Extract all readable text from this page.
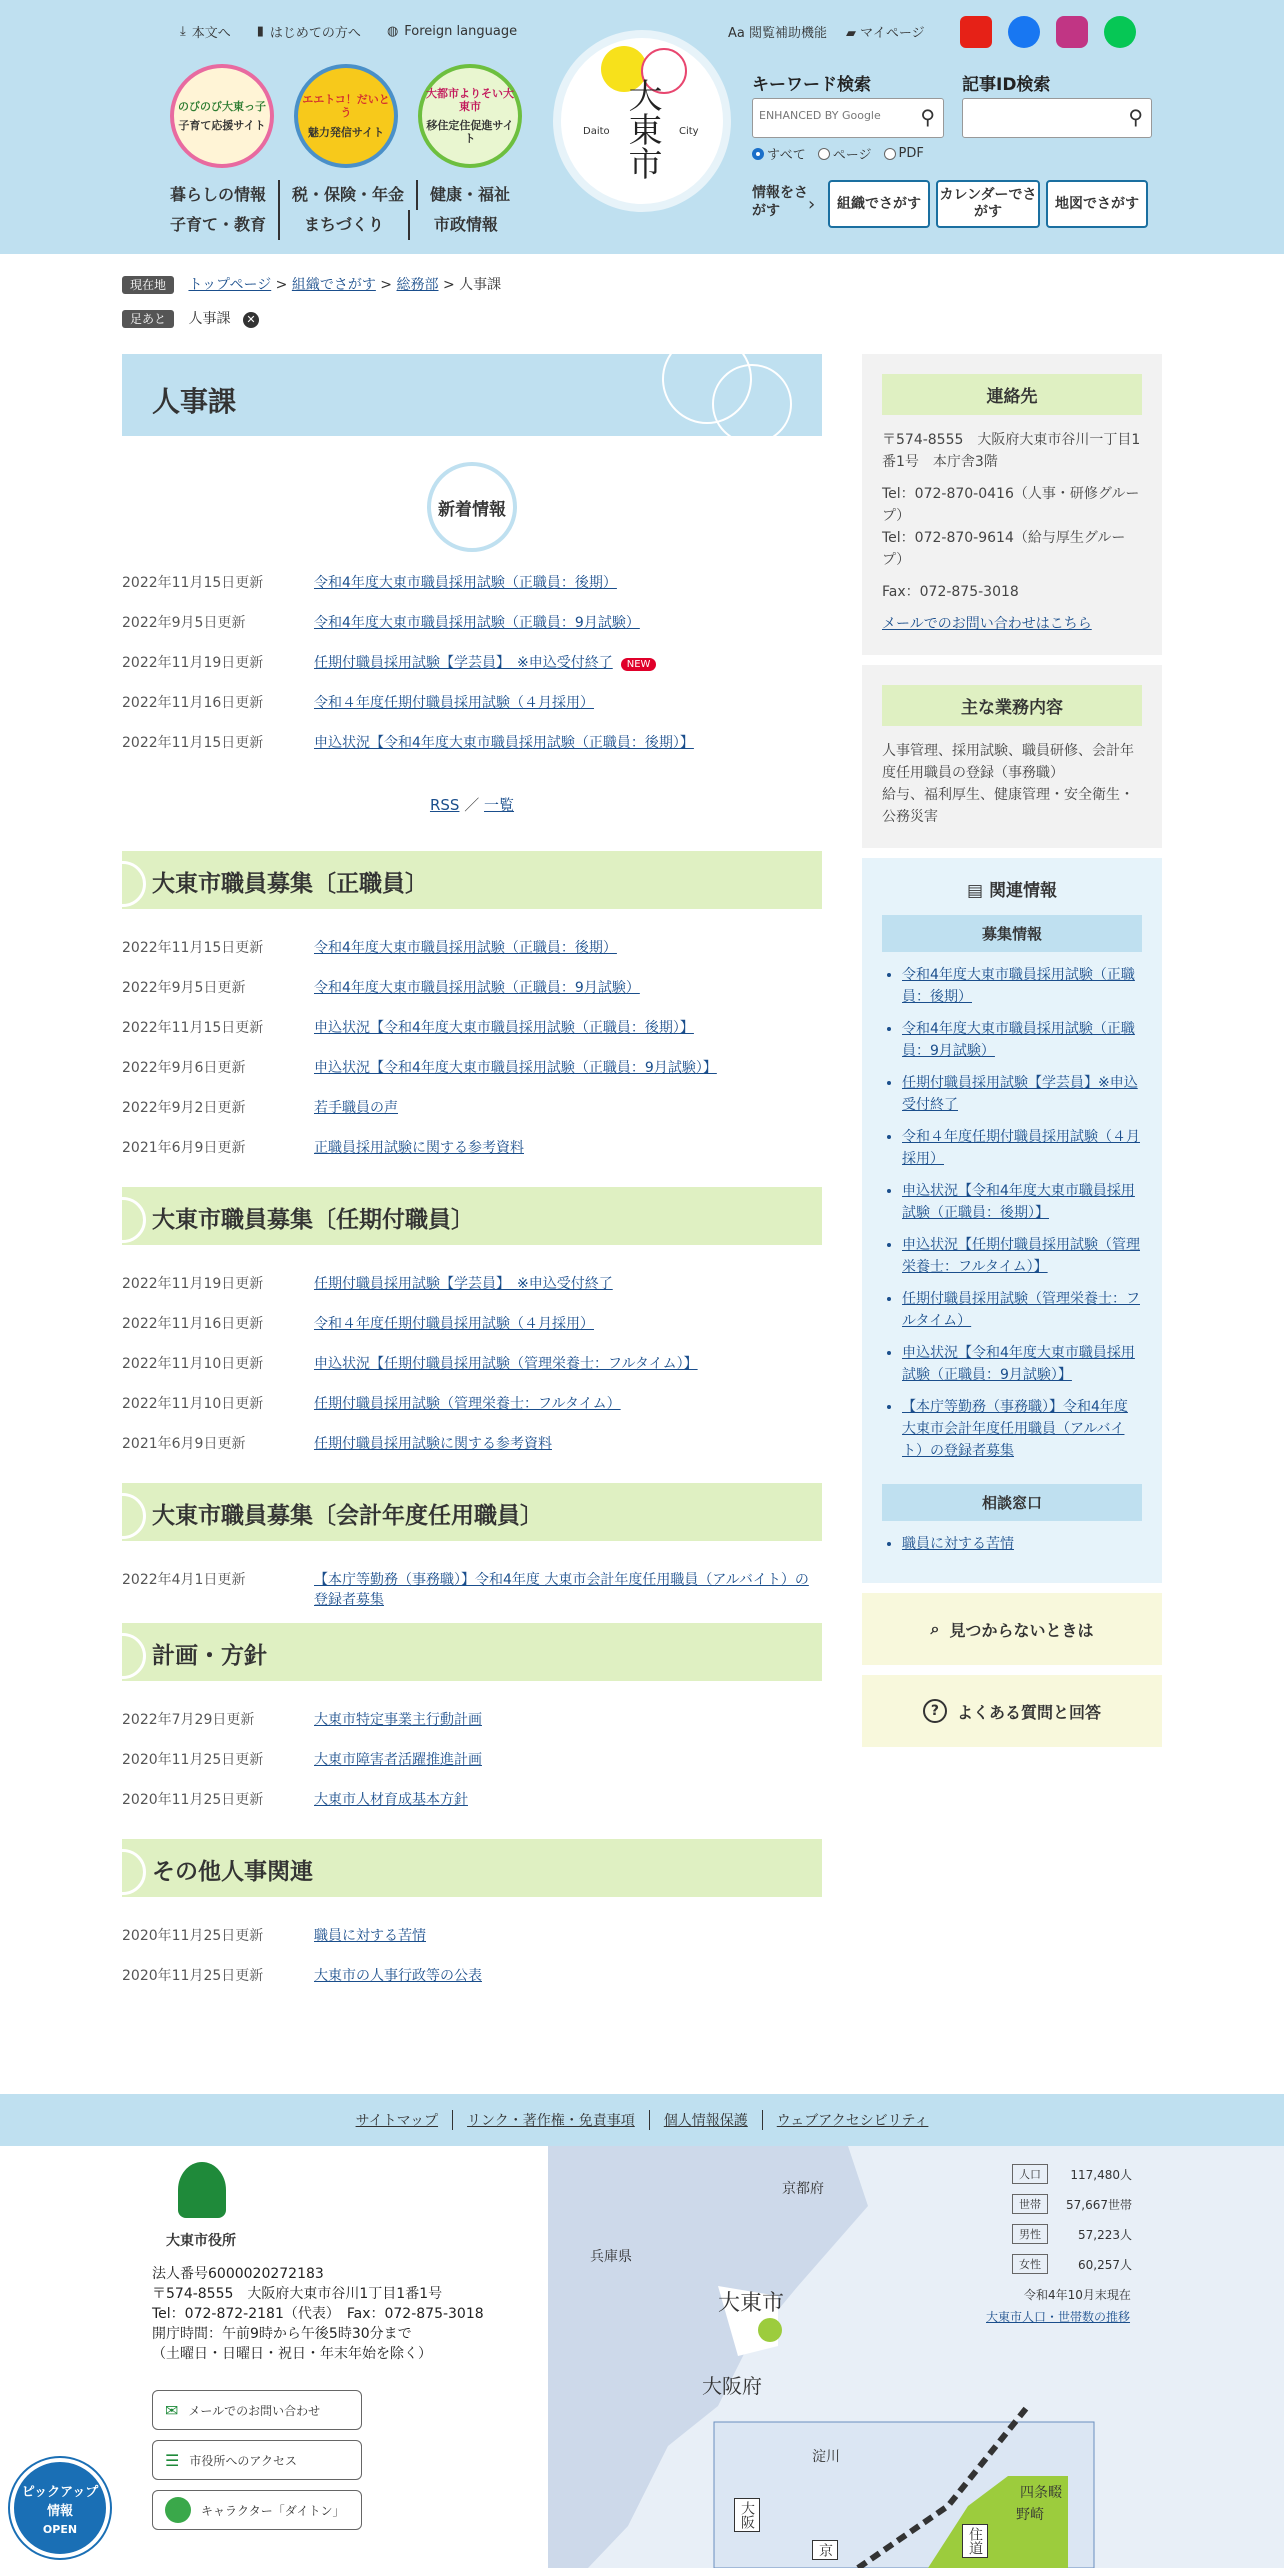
⤓ 本文へ ▮ はじめての方へ ◍ Foreign language
のびのび大東っ子
子育て応援サイト
エエトコ！だいとう
魅力発信サイト
大都市よりそい大東市
移住定住促進サイト
暮らしの情報	税・保険・年金	健康・福祉
子育て・教育	まちづくり	市政情報
大東市
Daito	City
Aa 閲覧補助機能 ▰ マイページ
キーワード検索
ENHANCED BY Google ⚲
記事ID検索
⚲
すべて ページ PDF
情報をさがす	›	組織でさがす
カレンダーでさがす
地図でさがす
現在地 トップページ > 組織でさがす > 総務部 > 人事課
足あと 人事課 ✕
人事課
新着情報
2022年11月15日更新	令和4年度大東市職員採用試験（正職員：後期）
2022年9月5日更新	令和4年度大東市職員採用試験（正職員：9月試験）
2022年11月19日更新	任期付職員採用試験【学芸員】　※申込受付終了 NEW
2022年11月16日更新	令和４年度任期付職員採用試験（４月採用）
2022年11月15日更新	申込状況【令和4年度大東市職員採用試験（正職員：後期）】
RSS ／ 一覧
大東市職員募集〔正職員〕
2022年11月15日更新	令和4年度大東市職員採用試験（正職員：後期）
2022年9月5日更新	令和4年度大東市職員採用試験（正職員：9月試験）
2022年11月15日更新	申込状況【令和4年度大東市職員採用試験（正職員：後期）】
2022年9月6日更新	申込状況【令和4年度大東市職員採用試験（正職員：9月試験）】
2022年9月2日更新	若手職員の声
2021年6月9日更新	正職員採用試験に関する参考資料
大東市職員募集〔任期付職員〕
2022年11月19日更新	任期付職員採用試験【学芸員】　※申込受付終了
2022年11月16日更新	令和４年度任期付職員採用試験（４月採用）
2022年11月10日更新	申込状況【任期付職員採用試験（管理栄養士：フルタイム）】
2022年11月10日更新	任期付職員採用試験（管理栄養士：フルタイム）
2021年6月9日更新	任期付職員採用試験に関する参考資料
大東市職員募集〔会計年度任用職員〕
2022年4月1日更新	【本庁等勤務（事務職）】令和4年度 大東市会計年度任用職員（アルバイト）の登録者募集
計画・方針
2022年7月29日更新	大東市特定事業主行動計画
2020年11月25日更新	大東市障害者活躍推進計画
2020年11月25日更新	大東市人材育成基本方針
その他人事関連
2020年11月25日更新	職員に対する苦情
2020年11月25日更新	大東市の人事行政等の公表
連絡先

〒574-8555　大阪府大東市谷川一丁目1番1号　本庁舎3階

Tel：072-870-0416（人事・研修グループ）

Tel：072-870-9614（給与厚生グループ）

Fax：072-875-3018

メールでのお問い合わせはこちら

主な業務内容

人事管理、採用試験、職員研修、会計年度任用職員の登録（事務職）

給与、福利厚生、健康管理・安全衛生・公務災害

▤ 関連情報
募集情報
• 令和4年度大東市職員採用試験（正職員：後期）
• 令和4年度大東市職員採用試験（正職員：9月試験）
• 任期付職員採用試験【学芸員】※申込受付終了
• 令和４年度任期付職員採用試験（４月採用）
• 申込状況【令和4年度大東市職員採用試験（正職員：後期）】
• 申込状況【任期付職員採用試験（管理栄養士：フルタイム）】
• 任期付職員採用試験（管理栄養士：フルタイム）
• 申込状況【令和4年度大東市職員採用試験（正職員：9月試験）】
• 【本庁等勤務（事務職）】令和4年度 大東市会計年度任用職員（アルバイト）の登録者募集
相談窓口
• 職員に対する苦情
⌕ 見つからないときは
?	よくある質問と回答
サイトマップ	リンク・著作権・免責事項	個人情報保護	ウェブアクセシビリティ
京都府
兵庫県
大東市
大阪府
淀川
四条畷
野崎
住道
大阪
京
大東市役所
法人番号6000020272183
〒574-8555　大阪府大東市谷川1丁目1番1号
Tel：072-872-2181（代表）　Fax：072-875-3018
開庁時間：午前9時から午後5時30分まで
（土曜日・日曜日・祝日・年末年始を除く）
✉ メールでのお問い合わせ
☰ 市役所へのアクセス
キャラクター「ダイトン」
人口	117,480人
世帯	57,667世帯
男性	57,223人
女性	60,257人
令和4年10月末現在
大東市人口・世帯数の推移
ピックアップ
情報
OPEN
